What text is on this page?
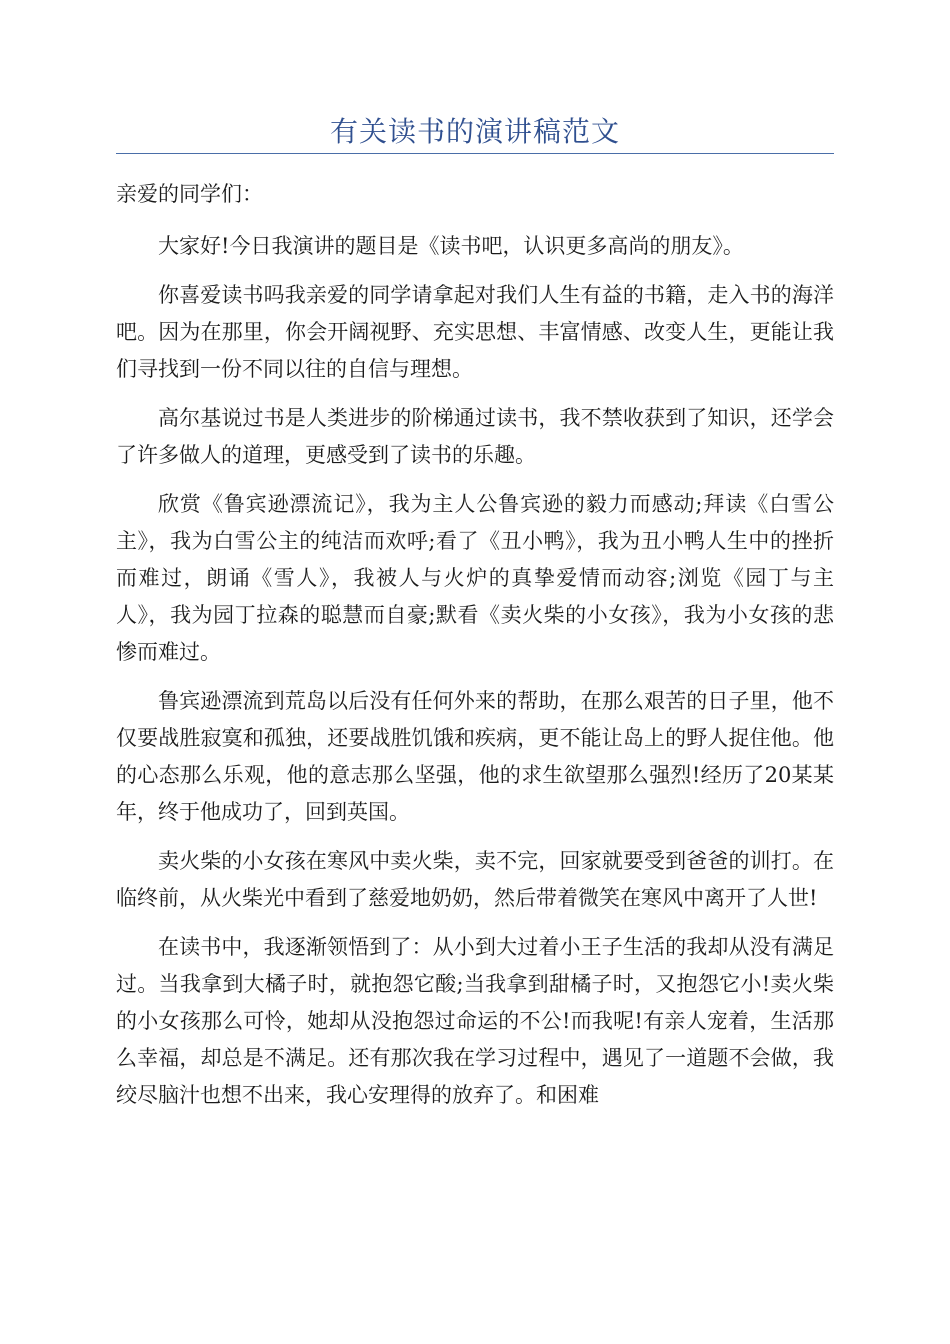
有关读书的演讲稿范文

亲爱的同学们：

大家好!今日我演讲的题目是《读书吧，认识更多高尚的朋友》。

你喜爱读书吗我亲爱的同学请拿起对我们人生有益的书籍，走入书的海洋吧。因为在那里，你会开阔视野、充实思想、丰富情感、改变人生，更能让我们寻找到一份不同以往的自信与理想。

高尔基说过书是人类进步的阶梯通过读书，我不禁收获到了知识，还学会了许多做人的道理，更感受到了读书的乐趣。

欣赏《鲁宾逊漂流记》，我为主人公鲁宾逊的毅力而感动;拜读《白雪公主》，我为白雪公主的纯洁而欢呼;看了《丑小鸭》，我为丑小鸭人生中的挫折而难过，朗诵《雪人》，我被人与火炉的真挚爱情而动容;浏览《园丁与主人》，我为园丁拉森的聪慧而自豪;默看《卖火柴的小女孩》，我为小女孩的悲惨而难过。

鲁宾逊漂流到荒岛以后没有任何外来的帮助，在那么艰苦的日子里，他不仅要战胜寂寞和孤独，还要战胜饥饿和疾病，更不能让岛上的野人捉住他。他的心态那么乐观，他的意志那么坚强，他的求生欲望那么强烈!经历了20某某年，终于他成功了，回到英国。

卖火柴的小女孩在寒风中卖火柴，卖不完，回家就要受到爸爸的训打。在临终前，从火柴光中看到了慈爱地奶奶，然后带着微笑在寒风中离开了人世!

在读书中，我逐渐领悟到了：从小到大过着小王子生活的我却从没有满足过。当我拿到大橘子时，就抱怨它酸;当我拿到甜橘子时，又抱怨它小!卖火柴的小女孩那么可怜，她却从没抱怨过命运的不公!而我呢!有亲人宠着，生活那么幸福，却总是不满足。还有那次我在学习过程中，遇见了一道题不会做，我绞尽脑汁也想不出来，我心安理得的放弃了。和困难
